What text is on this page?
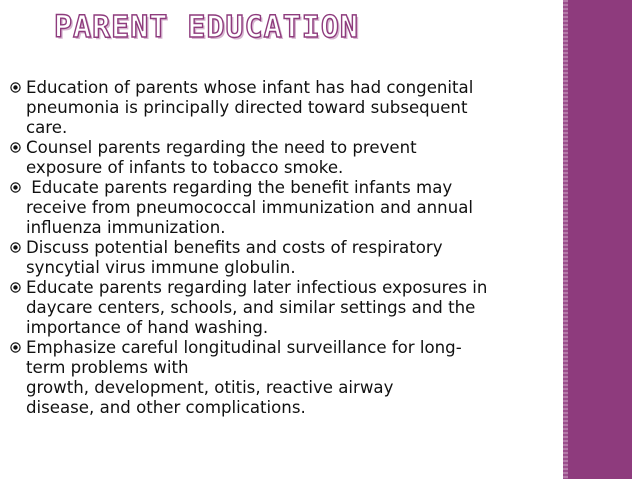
PARENT EDUCATION
Education of parents whose infant has had congenital
pneumonia is principally directed toward subsequent
care.
Counsel parents regarding the need to prevent
exposure of infants to tobacco smoke.
Educate parents regarding the benefit infants may
receive from pneumococcal immunization and annual
influenza immunization.
Discuss potential benefits and costs of respiratory
syncytial virus immune globulin.
Educate parents regarding later infectious exposures in
daycare centers, schools, and similar settings and the
importance of hand washing.
Emphasize careful longitudinal surveillance for long-
term problems with
growth, development, otitis, reactive airway
disease, and other complications.
